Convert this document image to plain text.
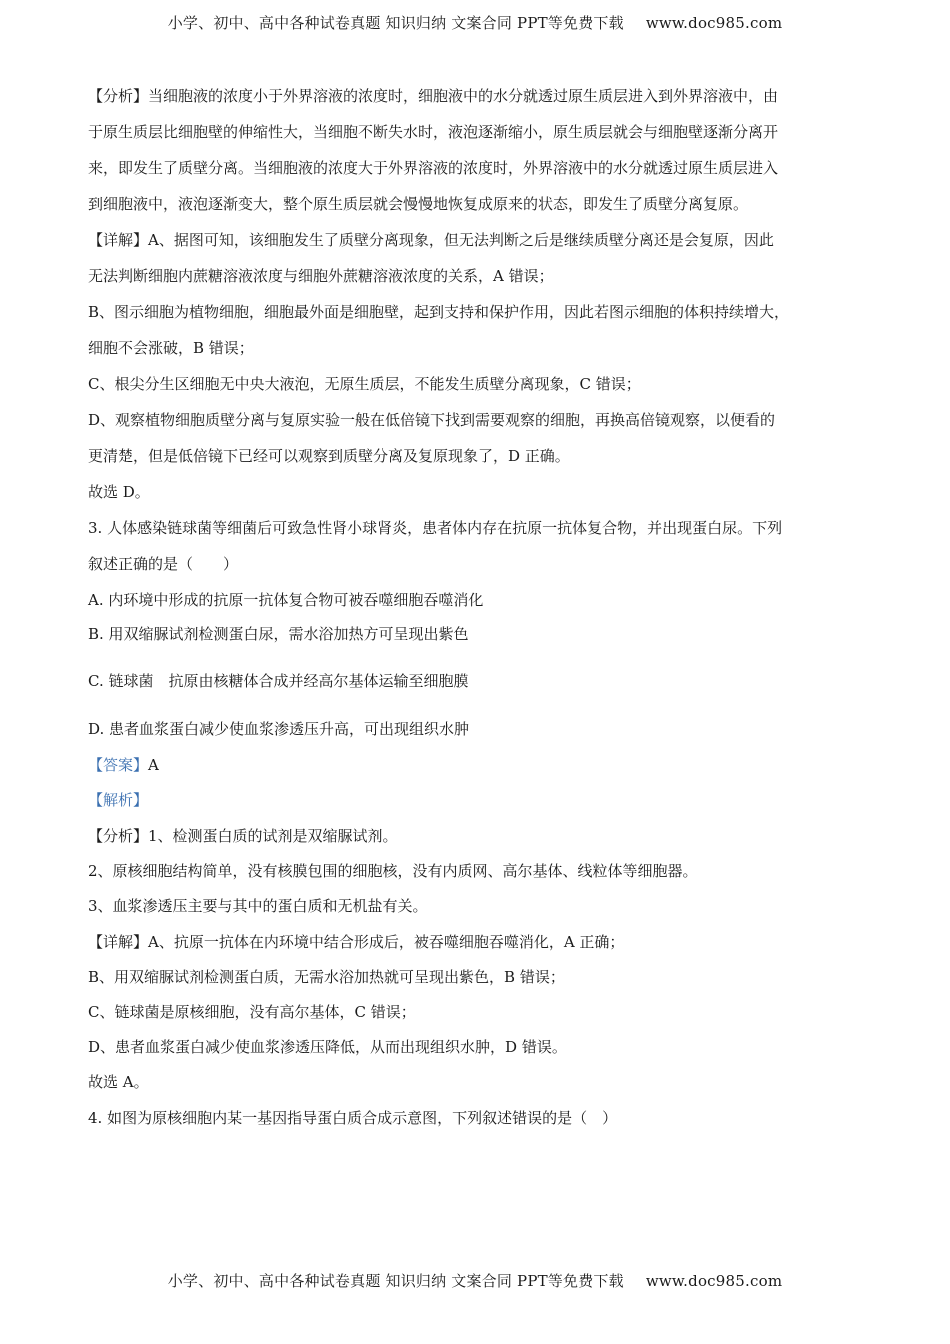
小学、初中、高中各种试卷真题 知识归纳 文案合同 PPT等免费下载 www.doc985.com
【分析】当细胞液的浓度小于外界溶液的浓度时，细胞液中的水分就透过原生质层进入到外界溶液中，由
于原生质层比细胞壁的伸缩性大，当细胞不断失水时，液泡逐渐缩小，原生质层就会与细胞壁逐渐分离开
来，即发生了质壁分离。当细胞液的浓度大于外界溶液的浓度时，外界溶液中的水分就透过原生质层进入
到细胞液中，液泡逐渐变大，整个原生质层就会慢慢地恢复成原来的状态，即发生了质壁分离复原。
【详解】A、据图可知，该细胞发生了质壁分离现象，但无法判断之后是继续质壁分离还是会复原，因此
无法判断细胞内蔗糖溶液浓度与细胞外蔗糖溶液浓度的关系，A 错误；
B、图示细胞为植物细胞，细胞最外面是细胞壁，起到支持和保护作用，因此若图示细胞的体积持续增大，
细胞不会涨破，B 错误；
C、根尖分生区细胞无中央大液泡，无原生质层，不能发生质壁分离现象，C 错误；
D、观察植物细胞质壁分离与复原实验一般在低倍镜下找到需要观察的细胞，再换高倍镜观察，以便看的
更清楚，但是低倍镜下已经可以观察到质壁分离及复原现象了，D 正确。
故选 D。
3. 人体感染链球菌等细菌后可致急性肾小球肾炎，患者体内存在抗原一抗体复合物，并出现蛋白尿。下列
叙述正确的是（　　）
A. 内环境中形成的抗原一抗体复合物可被吞噬细胞吞噬消化
B. 用双缩脲试剂检测蛋白尿，需水浴加热方可呈现出紫色
C. 链球菌　抗原由核糖体合成并经高尔基体运输至细胞膜
D. 患者血浆蛋白减少使血浆渗透压升高，可出现组织水肿
【答案】A
【解析】
【分析】1、检测蛋白质的试剂是双缩脲试剂。
2、原核细胞结构简单，没有核膜包围的细胞核，没有内质网、高尔基体、线粒体等细胞器。
3、血浆渗透压主要与其中的蛋白质和无机盐有关。
【详解】A、抗原一抗体在内环境中结合形成后，被吞噬细胞吞噬消化，A 正确；
B、用双缩脲试剂检测蛋白质，无需水浴加热就可呈现出紫色，B 错误；
C、链球菌是原核细胞，没有高尔基体，C 错误；
D、患者血浆蛋白减少使血浆渗透压降低，从而出现组织水肿，D 错误。
故选 A。
4. 如图为原核细胞内某一基因指导蛋白质合成示意图，下列叙述错误的是（　）
小学、初中、高中各种试卷真题 知识归纳 文案合同 PPT等免费下载 www.doc985.com
